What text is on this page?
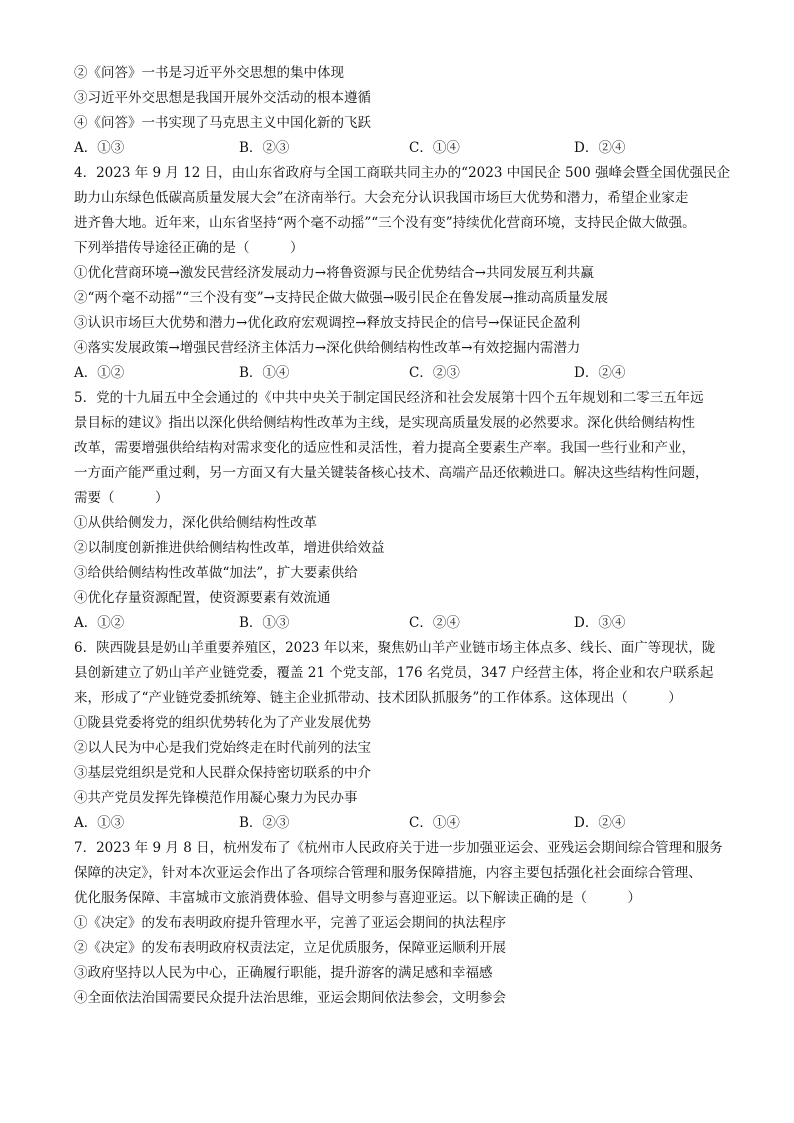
②《问答》一书是习近平外交思想的集中体现
③习近平外交思想是我国开展外交活动的根本遵循
④《问答》一书实现了马克思主义中国化新的飞跃
A．①③	B．②③	C．①④	D．②④
4．2023 年 9 月 12 日，由山东省政府与全国工商联共同主办的“2023 中国民企 500 强峰会暨全国优强民企
助力山东绿色低碳高质量发展大会”在济南举行。大会充分认识我国市场巨大优势和潜力，希望企业家走
进齐鲁大地。近年来，山东省坚持“两个毫不动摇”“三个没有变”持续优化营商环境，支持民企做大做强。
下列举措传导途径正确的是（　　　）
①优化营商环境→激发民营经济发展动力→将鲁资源与民企优势结合→共同发展互利共赢
②“两个毫不动摇”“三个没有变”→支持民企做大做强→吸引民企在鲁发展→推动高质量发展
③认识市场巨大优势和潜力→优化政府宏观调控→释放支持民企的信号→保证民企盈利
④落实发展政策→增强民营经济主体活力→深化供给侧结构性改革→有效挖掘内需潜力
A．①②	B．①④	C．②③	D．②④
5．党的十九届五中全会通过的《中共中央关于制定国民经济和社会发展第十四个五年规划和二零三五年远
景目标的建议》指出以深化供给侧结构性改革为主线，是实现高质量发展的必然要求。深化供给侧结构性
改革，需要增强供给结构对需求变化的适应性和灵活性，着力提高全要素生产率。我国一些行业和产业，
一方面产能严重过剩，另一方面又有大量关键装备核心技术、高端产品还依赖进口。解决这些结构性问题，
需要（　　　）
①从供给侧发力，深化供给侧结构性改革
②以制度创新推进供给侧结构性改革，增进供给效益
③给供给侧结构性改革做“加法”，扩大要素供给
④优化存量资源配置，使资源要素有效流通
A．①②	B．①③	C．②④	D．③④
6．陕西陇县是奶山羊重要养殖区，2023 年以来，聚焦奶山羊产业链市场主体点多、线长、面广等现状，陇
县创新建立了奶山羊产业链党委，覆盖 21 个党支部，176 名党员，347 户经营主体，将企业和农户联系起
来，形成了“产业链党委抓统筹、链主企业抓带动、技术团队抓服务”的工作体系。这体现出（　　　）
①陇县党委将党的组织优势转化为了产业发展优势
②以人民为中心是我们党始终走在时代前列的法宝
③基层党组织是党和人民群众保持密切联系的中介
④共产党员发挥先锋模范作用凝心聚力为民办事
A．①③	B．②③	C．①④	D．②④
7．2023 年 9 月 8 日，杭州发布了《杭州市人民政府关于进一步加强亚运会、亚残运会期间综合管理和服务
保障的决定》，针对本次亚运会作出了各项综合管理和服务保障措施，内容主要包括强化社会面综合管理、
优化服务保障、丰富城市文旅消费体验、倡导文明参与喜迎亚运。以下解读正确的是（　　　）
①《决定》的发布表明政府提升管理水平，完善了亚运会期间的执法程序
②《决定》的发布表明政府权责法定，立足优质服务，保障亚运顺利开展
③政府坚持以人民为中心，正确履行职能，提升游客的满足感和幸福感
④全面依法治国需要民众提升法治思维，亚运会期间依法参会，文明参会
